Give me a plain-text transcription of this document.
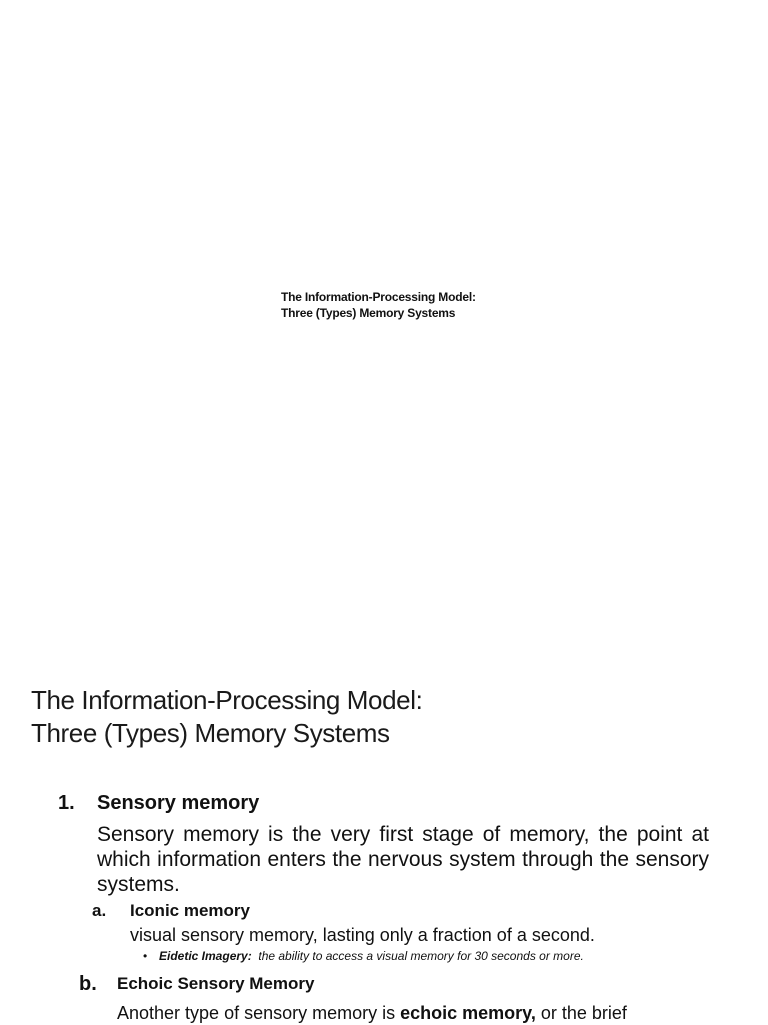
The Information-Processing Model:
Three (Types) Memory Systems
The Information-Processing Model:
Three (Types) Memory Systems
1. Sensory memory
Sensory memory is the very first stage of memory, the point at which information enters the nervous system through the sensory systems.
a. Iconic memory
visual sensory memory, lasting only a fraction of a second.
• Eidetic Imagery:  the ability to access a visual memory for 30 seconds or more.
b. Echoic Sensory Memory
Another type of sensory memory is echoic memory, or the brief
